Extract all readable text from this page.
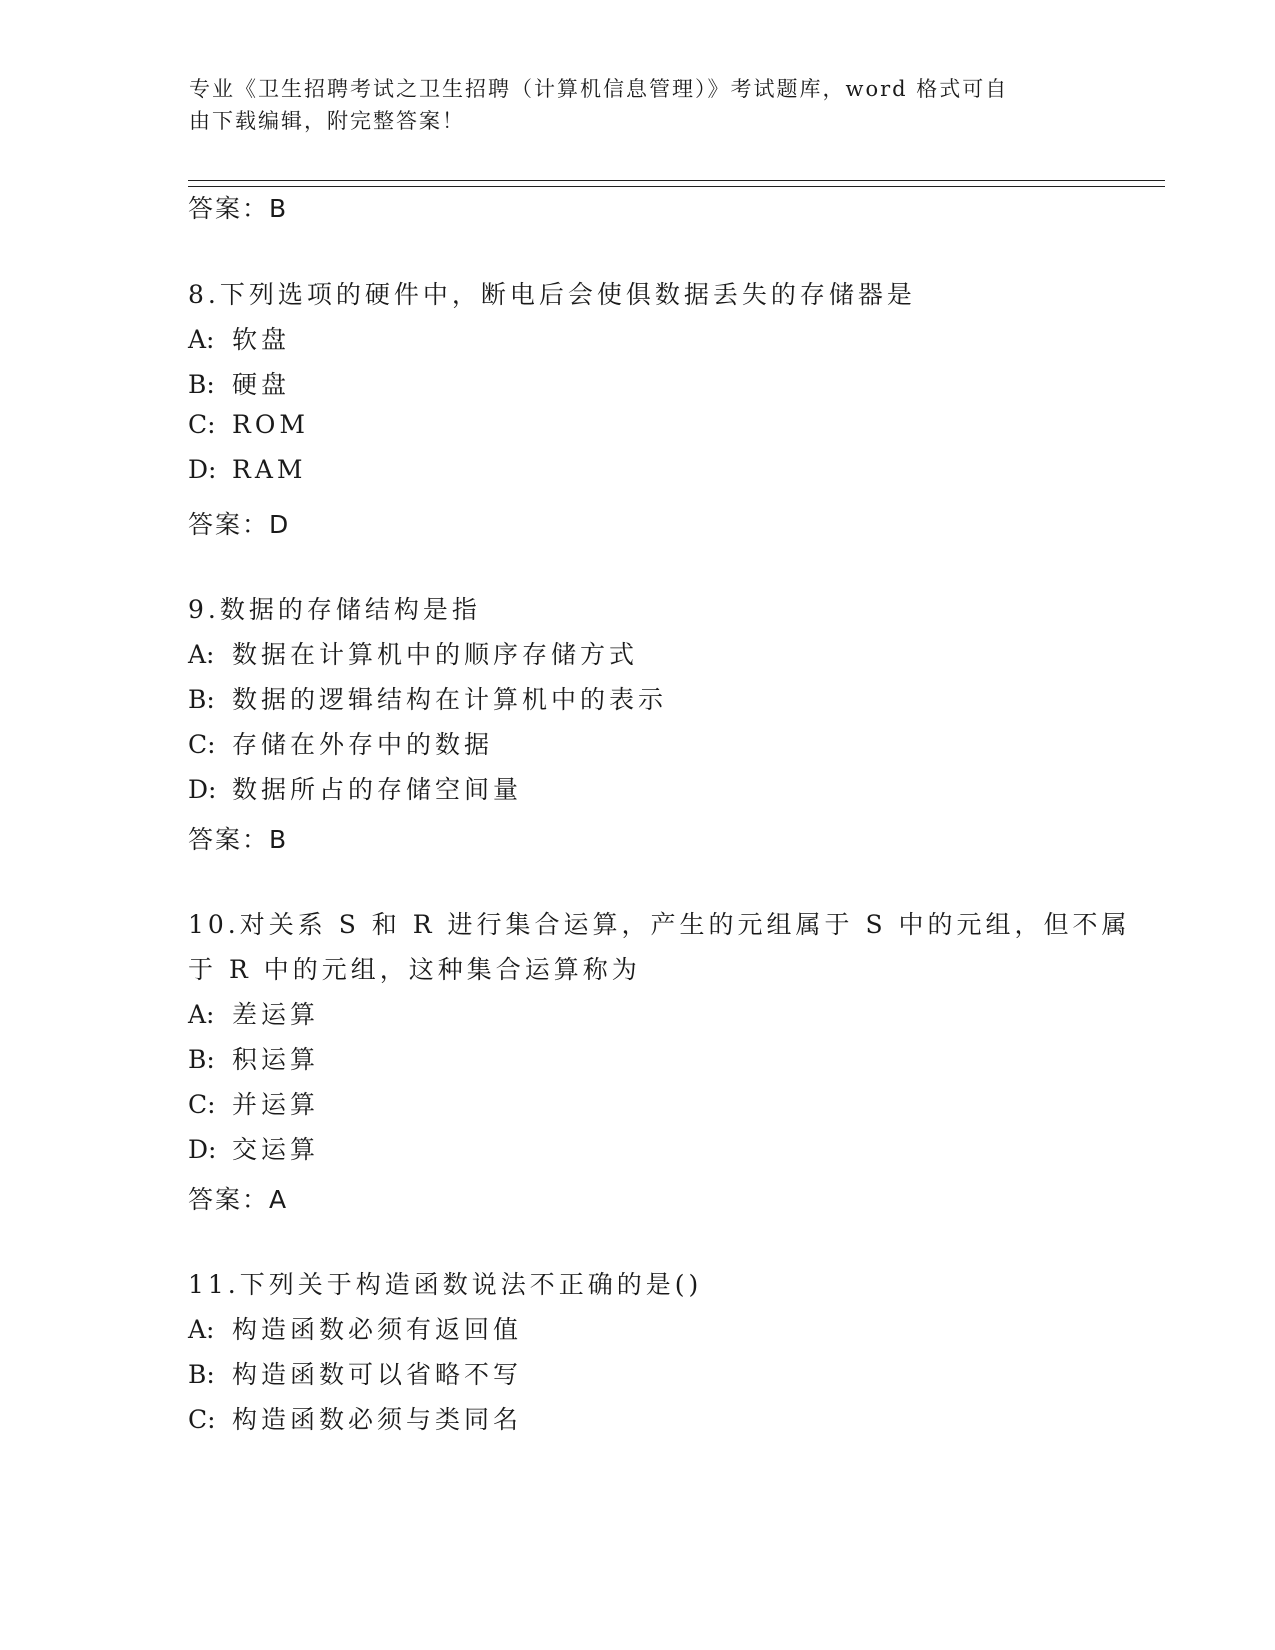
专业《卫生招聘考试之卫生招聘（计算机信息管理）》考试题库，word 格式可自
由下载编辑，附完整答案！
答案：B
8.下列选项的硬件中，断电后会使俱数据丢失的存储器是
A: 软盘
B: 硬盘
C: ROM
D: RAM
答案：D
9.数据的存储结构是指
A: 数据在计算机中的顺序存储方式
B: 数据的逻辑结构在计算机中的表示
C: 存储在外存中的数据
D: 数据所占的存储空间量
答案：B
10.对关系 S 和 R 进行集合运算，产生的元组属于 S 中的元组，但不属
于 R 中的元组，这种集合运算称为
A: 差运算
B: 积运算
C: 并运算
D: 交运算
答案：A
11.下列关于构造函数说法不正确的是()
A: 构造函数必须有返回值
B: 构造函数可以省略不写
C: 构造函数必须与类同名
